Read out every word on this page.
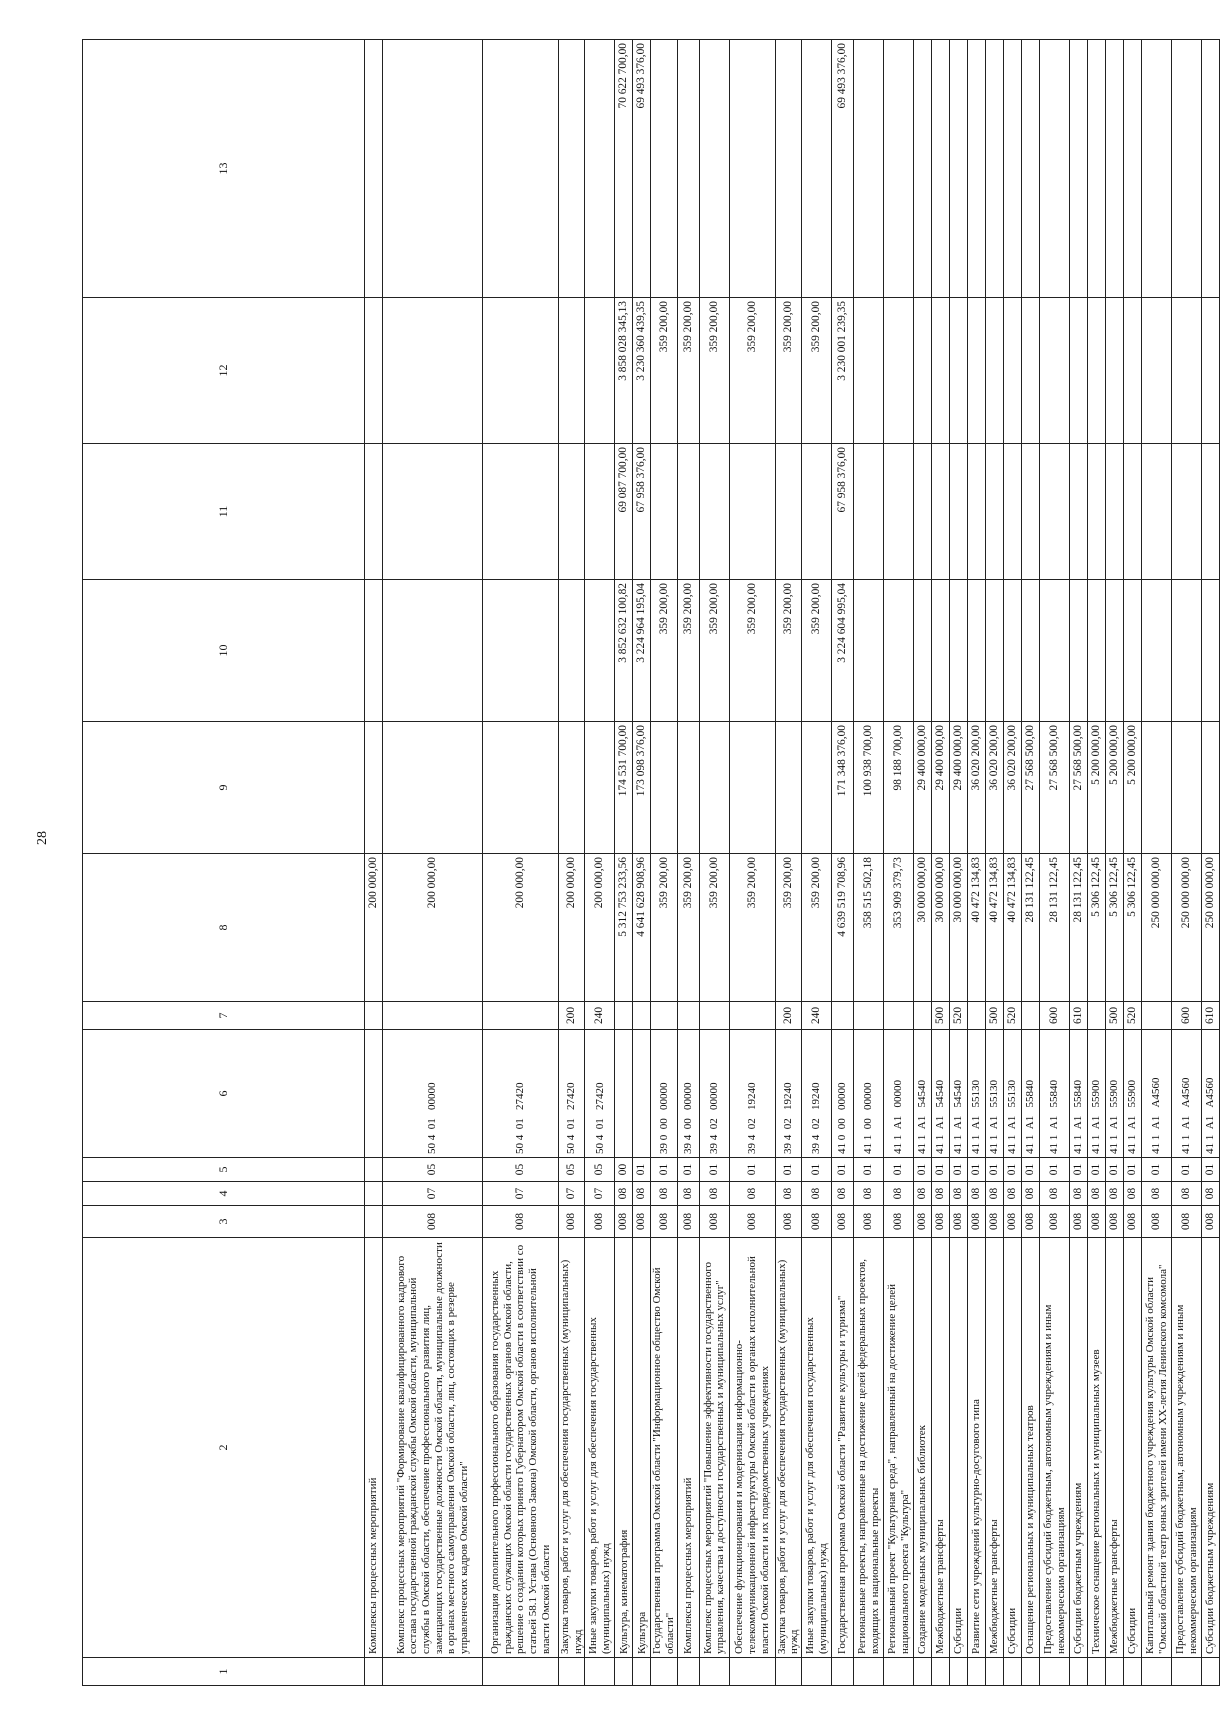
28
1	2	3	4	5	6	7	8	9	10	11	12	13
	Комплексы процессных мероприятий						200 000,00					
	Комплекс процессных мероприятий "Формирование квалифицированного кадрового состава государственной гражданской службы Омской области, муниципальной службы в Омской области, обеспечение профессионального развития лиц, замещающих государственные должности Омской области, муниципальные должности в органах местного самоуправления Омской области, лиц, состоящих в резерве управленческих кадров Омской области"	008	07	05	50 4  01   00000		200 000,00					
	Организация дополнительного профессионального образования государственных гражданских служащих Омской области государственных органов Омской области, решение о создании которых принято Губернатором Омской области в соответствии со статьей 58.1 Устава (Основного Закона) Омской области, органов исполнительной власти Омской области	008	07	05	50 4  01   27420		200 000,00					
	Закупка товаров, работ и услуг для обеспечения государственных (муниципальных) нужд	008	07	05	50 4  01   27420	200	200 000,00					
	Иные закупки товаров, работ и услуг для обеспечения государственных (муниципальных) нужд	008	07	05	50 4  01   27420	240	200 000,00					
	Культура, кинематография	008	08	00			5 312 753 233,56	174 531 700,00	3 852 632 100,82	69 087 700,00	3 858 028 345,13	70 622 700,00
	Культура	008	08	01			4 641 628 908,96	173 098 376,00	3 224 964 195,04	67 958 376,00	3 230 360 439,35	69 493 376,00
	Государственная программа Омской области "Информационное общество Омской области"	008	08	01	39 0  00   00000		359 200,00		359 200,00		359 200,00	
	Комплексы процессных мероприятий	008	08	01	39 4  00   00000		359 200,00		359 200,00		359 200,00	
	Комплекс процессных мероприятий "Повышение эффективности государственного управления, качества и доступности государственных и муниципальных услуг"	008	08	01	39 4  02   00000		359 200,00		359 200,00		359 200,00	
	Обеспечение функционирования и модернизация информационно-телекоммуникационной инфраструктуры Омской области в органах исполнительной власти Омской области и их подведомственных учреждениях	008	08	01	39 4  02   19240		359 200,00		359 200,00		359 200,00	
	Закупка товаров, работ и услуг для обеспечения государственных (муниципальных) нужд	008	08	01	39 4  02   19240	200	359 200,00		359 200,00		359 200,00	
	Иные закупки товаров, работ и услуг для обеспечения государственных (муниципальных) нужд	008	08	01	39 4  02   19240	240	359 200,00		359 200,00		359 200,00	
	Государственная программа Омской области "Развитие культуры и туризма"	008	08	01	41 0  00   00000		4 639 519 708,96	171 348 376,00	3 224 604 995,04	67 958 376,00	3 230 001 239,35	69 493 376,00
	Региональные проекты, направленные на достижение целей федеральных проектов, входящих в национальные проекты	008	08	01	41 1  00   00000		358 515 502,18	100 938 700,00				
	Региональный проект "Культурная среда", направленный на достижение целей национального проекта "Культура"	008	08	01	41 1  А1   00000		353 909 379,73	98 188 700,00				
	Создание модельных муниципальных библиотек	008	08	01	41 1  А1   54540		30 000 000,00	29 400 000,00				
	Межбюджетные трансферты	008	08	01	41 1  А1   54540	500	30 000 000,00	29 400 000,00				
	Субсидии	008	08	01	41 1  А1   54540	520	30 000 000,00	29 400 000,00				
	Развитие сети учреждений культурно-досугового типа	008	08	01	41 1  А1   55130		40 472 134,83	36 020 200,00				
	Межбюджетные трансферты	008	08	01	41 1  А1   55130	500	40 472 134,83	36 020 200,00				
	Субсидии	008	08	01	41 1  А1   55130	520	40 472 134,83	36 020 200,00				
	Оснащение региональных и муниципальных театров	008	08	01	41 1  А1   55840		28 131 122,45	27 568 500,00				
	Предоставление субсидий бюджетным, автономным учреждениям и иным некоммерческим организациям	008	08	01	41 1  А1   55840	600	28 131 122,45	27 568 500,00				
	Субсидии бюджетным учреждениям	008	08	01	41 1  А1   55840	610	28 131 122,45	27 568 500,00				
	Техническое оснащение региональных и муниципальных музеев	008	08	01	41 1  А1   55900		5 306 122,45	5 200 000,00				
	Межбюджетные трансферты	008	08	01	41 1  А1   55900	500	5 306 122,45	5 200 000,00				
	Субсидии	008	08	01	41 1  А1   55900	520	5 306 122,45	5 200 000,00				
	Капитальный ремонт здания бюджетного учреждения культуры Омской области "Омский областной театр юных зрителей имени XX-летия Ленинского комсомола"	008	08	01	41 1  А1   А4560		250 000 000,00					
	Предоставление субсидий бюджетным, автономным учреждениям и иным некоммерческим организациям	008	08	01	41 1  А1   А4560	600	250 000 000,00					
	Субсидии бюджетным учреждениям	008	08	01	41 1  А1   А4560	610	250 000 000,00					
